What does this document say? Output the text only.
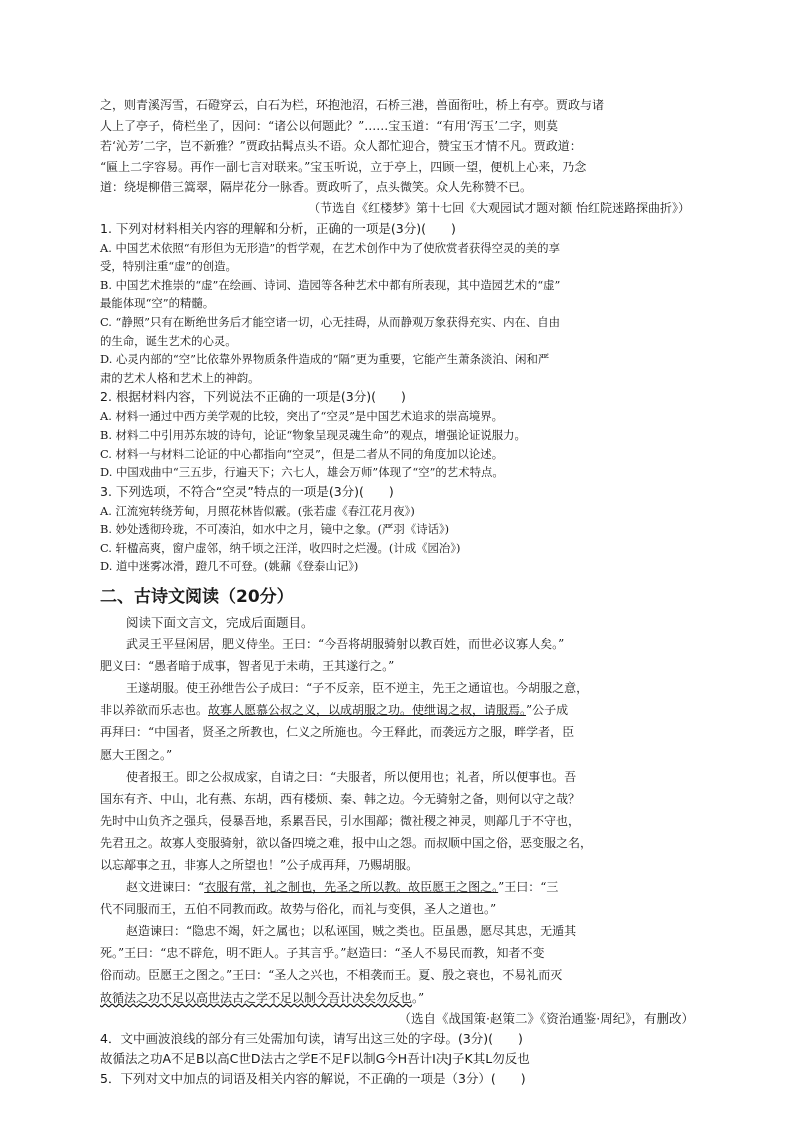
之，则青溪泻雪，石磴穿云，白石为栏，环抱池沼，石桥三港，兽面衔吐，桥上有亭。贾政与诸
人上了亭子，倚栏坐了，因问：“诸公以何题此？”……宝玉道：“有用‘泻玉’二字，则莫
若‘沁芳’二字，岂不新雅？”贾政拈髯点头不语。众人都忙迎合，赞宝玉才情不凡。贾政道：
“匾上二字容易。再作一副七言对联来。”宝玉听说，立于亭上，四顾一望，便机上心来，乃念
道：绕堤柳借三篙翠，隔岸花分一脉香。贾政听了，点头微笑。众人先称赞不已。
（节选自《红楼梦》第十七回《大观园试才题对额 怡红院迷路探曲折》）
1. 下列对材料相关内容的理解和分析，正确的一项是(3分)(　　)
A. 中国艺术依照“有形但为无形造”的哲学观，在艺术创作中为了使欣赏者获得空灵的美的享
受，特别注重“虚”的创造。
B. 中国艺术推崇的“虚”在绘画、诗词、造园等各种艺术中都有所表现，其中造园艺术的“虚”
最能体现“空”的精髓。
C. “静照”只有在断绝世务后才能空诸一切，心无挂碍，从而静观万象获得充实、内在、自由
的生命，诞生艺术的心灵。
D. 心灵内部的“空”比依靠外界物质条件造成的“隔”更为重要，它能产生萧条淡泊、闲和严
肃的艺术人格和艺术上的神韵。
2. 根据材料内容，下列说法不正确的一项是(3分)(　　)
A. 材料一通过中西方美学观的比较，突出了“空灵”是中国艺术追求的崇高境界。
B. 材料二中引用苏东坡的诗句，论证“物象呈现灵魂生命”的观点，增强论证说服力。
C. 材料一与材料二论证的中心都指向“空灵”，但是二者从不同的角度加以论述。
D. 中国戏曲中“三五步，行遍天下；六七人，雄会万师”体现了“空”的艺术特点。
3. 下列选项，不符合“空灵”特点的一项是(3分)(　　)
A. 江流宛转绕芳甸，月照花林皆似霰。(张若虚《春江花月夜》)
B. 妙处透彻玲珑，不可凑泊，如水中之月，镜中之象。(严羽《诗话》)
C. 轩楹高爽，窗户虚邻，纳千顷之汪洋，收四时之烂漫。(计成《园冶》)
D. 道中迷雾冰滑，蹬几不可登。(姚鼐《登泰山记》)
二、古诗文阅读（20分）
阅读下面文言文，完成后面题目。
武灵王平昼闲居，肥义侍坐。王曰：“今吾将胡服骑射以教百姓，而世必议寡人矣。”
肥义曰：“愚者暗于成事，智者见于未萌，王其遂行之。”
王遂胡服。使王孙绁告公子成曰：“子不反亲，臣不逆主，先王之通谊也。今胡服之意，
非以养欲而乐志也。故寡人愿慕公叔之义，以成胡服之功。使绁谒之叔，请服焉。”公子成
再拜曰：“中国者，贤圣之所教也，仁义之所施也。今王释此，而袭远方之服，畔学者，臣
愿大王图之。”
使者报王。即之公叔成家，自请之曰：“夫服者，所以便用也；礼者，所以便事也。吾
国东有齐、中山，北有燕、东胡，西有楼烦、秦、韩之边。今无骑射之备，则何以守之哉？
先时中山负齐之强兵，侵暴吾地，系累吾民，引水围鄗；微社稷之神灵，则鄗几于不守也，
先君丑之。故寡人变服骑射，欲以备四境之难，报中山之怨。而叔顺中国之俗，恶变服之名，
以忘鄗事之丑，非寡人之所望也！”公子成再拜，乃赐胡服。
赵文进谏曰：“衣服有常，礼之制也，先圣之所以教。故臣愿王之图之。”王曰：“三
代不同服而王，五伯不同教而政。故势与俗化，而礼与变俱，圣人之道也。”
赵造谏曰：“隐忠不竭，奸之属也；以私诬国，贼之类也。臣虽愚，愿尽其忠，无遁其
死。”王曰：“忠不辟危，明不距人。子其言乎。”赵造曰：“圣人不易民而教，知者不变
俗而动。臣愿王之图之。”王曰：“圣人之兴也，不相袭而王。夏、殷之衰也，不易礼而灭
故循法之功不足以高世法古之学不足以制今吾计决矣勿反也。”
（选自《战国策·赵策二》《资治通鉴·周纪》，有删改）
4．文中画波浪线的部分有三处需加句读，请写出这三处的字母。(3分)(　　)
故循法之功A不足B以高C世D法古之学E不足F以制G今H吾计I决J子K其L勿反也
5．下列对文中加点的词语及相关内容的解说，不正确的一项是（3分）(　　)
